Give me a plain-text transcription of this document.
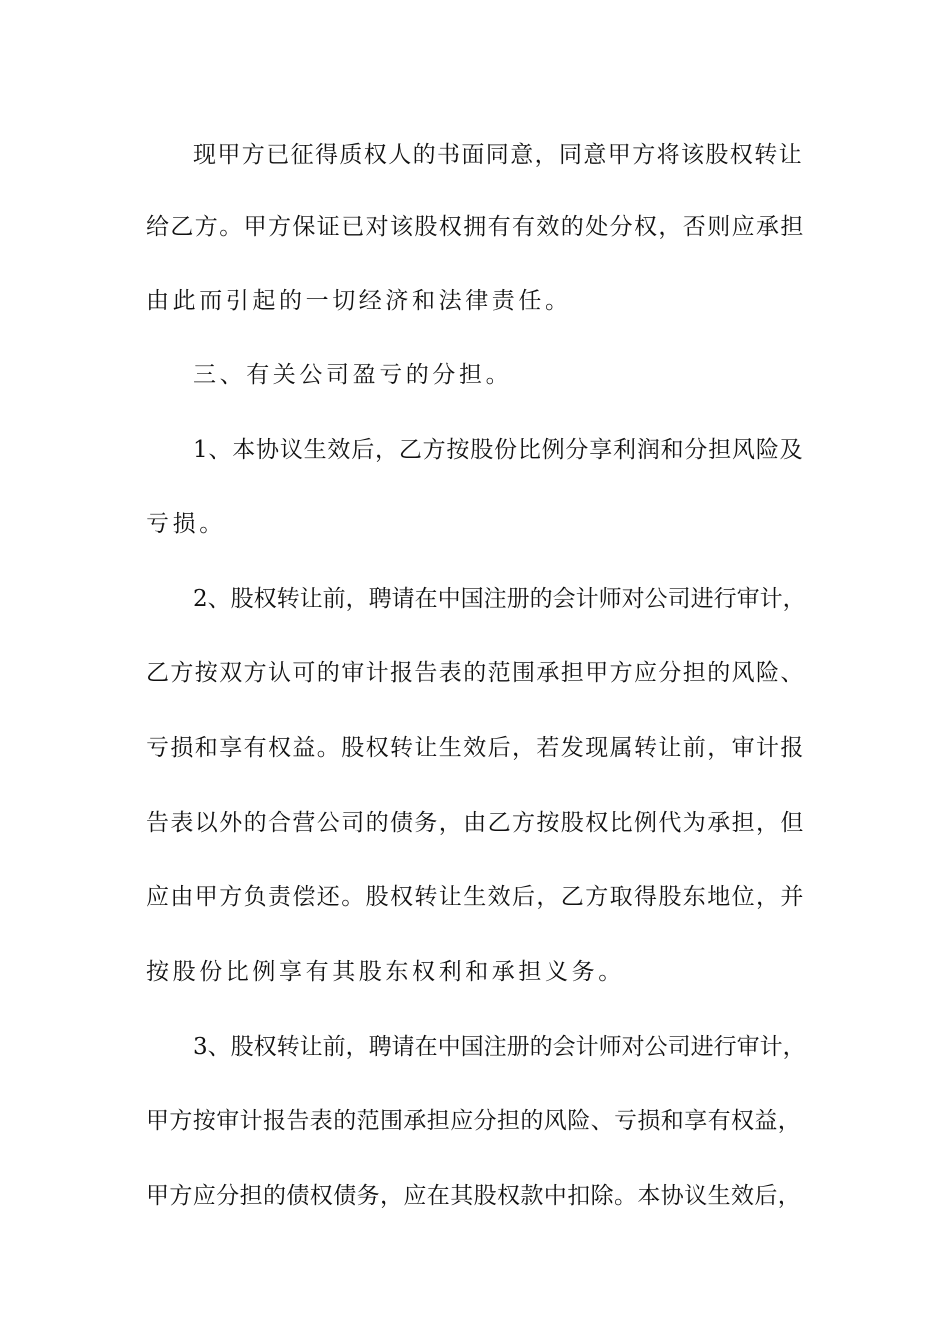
现甲方已征得质权人的书面同意，同意甲方将该股权转让
给乙方。甲方保证已对该股权拥有有效的处分权，否则应承担
由此而引起的一切经济和法律责任。
三、有关公司盈亏的分担。
1、本协议生效后，乙方按股份比例分享利润和分担风险及
亏损。
2、股权转让前，聘请在中国注册的会计师对公司进行审计，
乙方按双方认可的审计报告表的范围承担甲方应分担的风险、
亏损和享有权益。股权转让生效后，若发现属转让前，审计报
告表以外的合营公司的债务，由乙方按股权比例代为承担，但
应由甲方负责偿还。股权转让生效后，乙方取得股东地位，并
按股份比例享有其股东权利和承担义务。
3、股权转让前，聘请在中国注册的会计师对公司进行审计，
甲方按审计报告表的范围承担应分担的风险、亏损和享有权益，
甲方应分担的债权债务，应在其股权款中扣除。本协议生效后，
